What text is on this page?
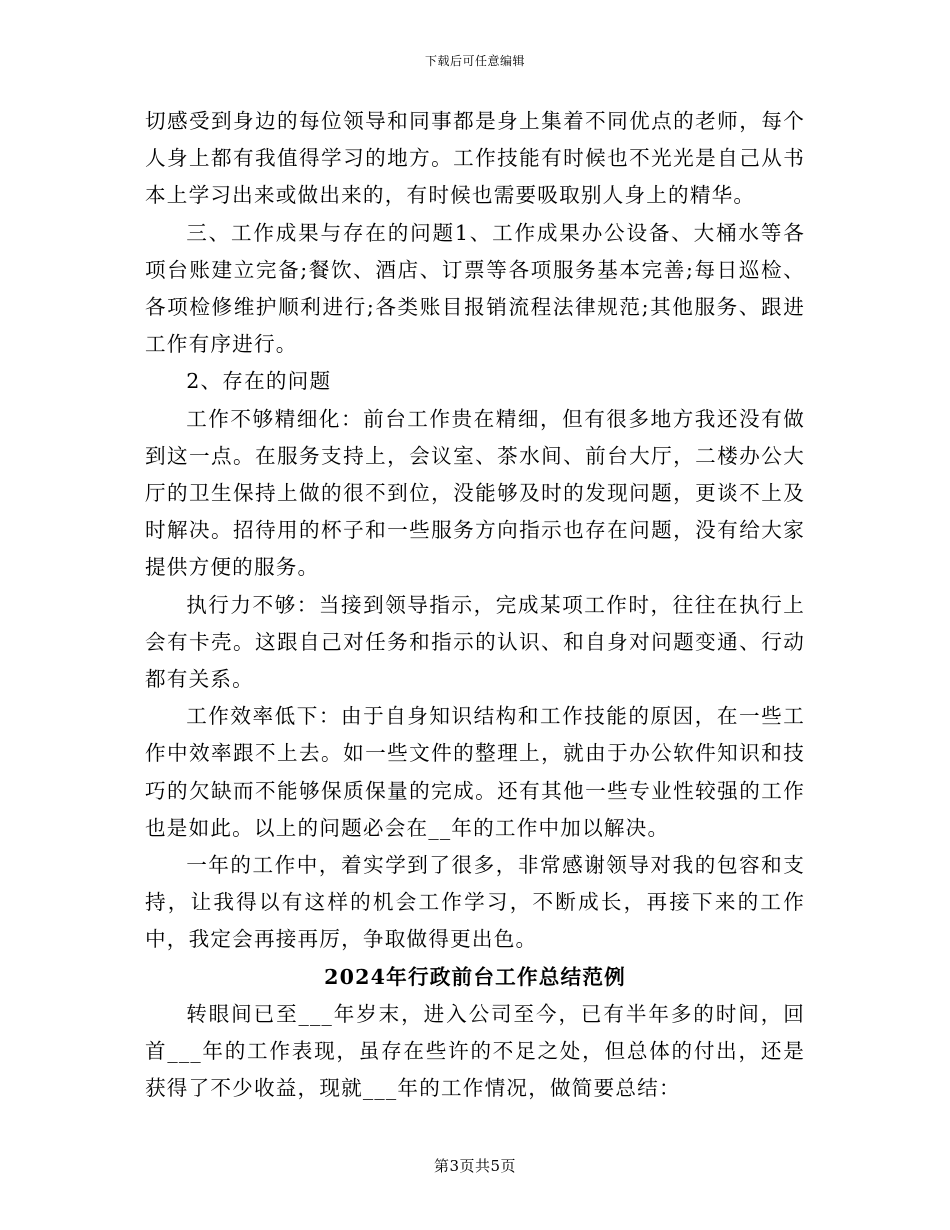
下载后可任意编辑

切感受到身边的每位领导和同事都是身上集着不同优点的老师，每个人身上都有我值得学习的地方。工作技能有时候也不光光是自己从书本上学习出来或做出来的，有时候也需要吸取别人身上的精华。

三、工作成果与存在的问题1、工作成果办公设备、大桶水等各项台账建立完备;餐饮、酒店、订票等各项服务基本完善;每日巡检、各项检修维护顺利进行;各类账目报销流程法律规范;其他服务、跟进工作有序进行。

2、存在的问题

工作不够精细化：前台工作贵在精细，但有很多地方我还没有做到这一点。在服务支持上，会议室、茶水间、前台大厅，二楼办公大厅的卫生保持上做的很不到位，没能够及时的发现问题，更谈不上及时解决。招待用的杯子和一些服务方向指示也存在问题，没有给大家提供方便的服务。

执行力不够：当接到领导指示，完成某项工作时，往往在执行上会有卡壳。这跟自己对任务和指示的认识、和自身对问题变通、行动都有关系。

工作效率低下：由于自身知识结构和工作技能的原因，在一些工作中效率跟不上去。如一些文件的整理上，就由于办公软件知识和技巧的欠缺而不能够保质保量的完成。还有其他一些专业性较强的工作也是如此。以上的问题必会在__年的工作中加以解决。

一年的工作中，着实学到了很多，非常感谢领导对我的包容和支持，让我得以有这样的机会工作学习，不断成长，再接下来的工作中，我定会再接再厉，争取做得更出色。

2024年行政前台工作总结范例

转眼间已至___年岁末，进入公司至今，已有半年多的时间，回首___年的工作表现，虽存在些许的不足之处，但总体的付出，还是获得了不少收益，现就___年的工作情况，做简要总结：

第3页共5页
